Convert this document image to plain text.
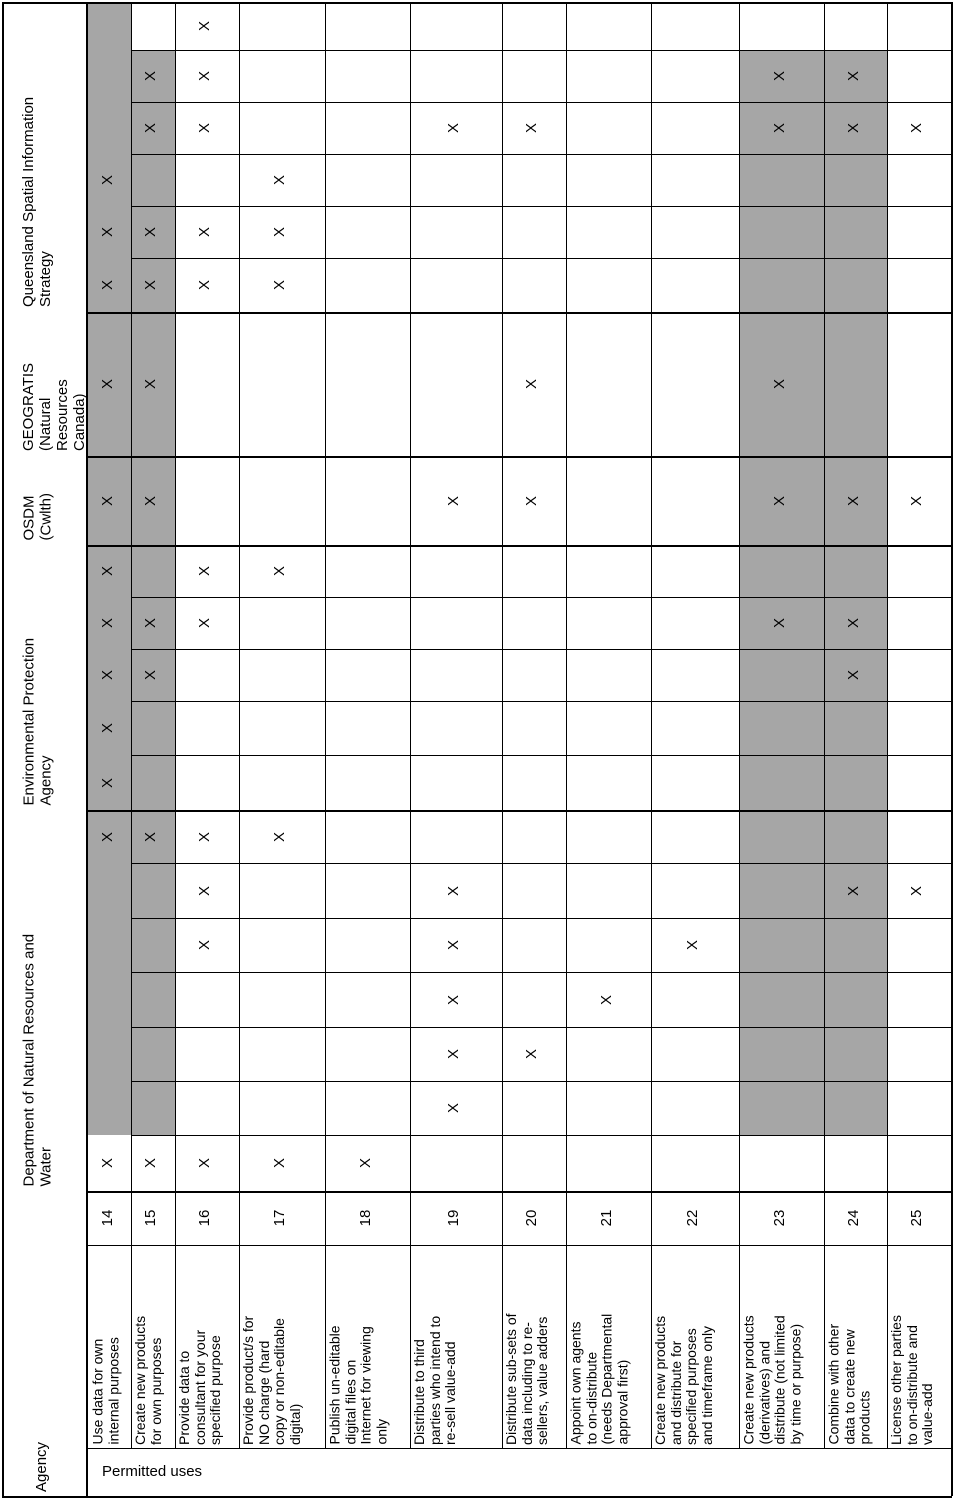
X
X
X
X
X
X
X
X
X
X
X
X
X
X
X
X
X
X
X
X
X
X
X
X
X
X
X
X
X
X
X
X
X
X
X
X
X
X
X
X
X
X
X
X
X
X
X
X
X
X
X
X
X
X
X
X
X
X
X
X
X
X
X
X
X
X
X
Agency	Permitted uses
Department of Natural Resources and
Water
Environmental Protection
Agency
OSDM
(Cwlth)
GEOGRATIS
(Natural
Resources
Canada)
Queensland Spatial Information
Strategy
14
Use data for own
internal purposes
15
Create new products
for own purposes
16
Provide data to
consultant for your
specified purpose
17
Provide product/s for
NO charge (hard
copy or non-editable
digital)
18
Publish un-editable
digital files on
Internet for viewing
only
19
Distribute to third
parties who intend to
re-sell value-add
20
Distribute sub-sets of
data including to re-
sellers, value adders
21
Appoint own agents
to on-distribute
(needs Departmental
approval first)
22
Create new products
and distribute for
specified purposes
and timeframe only
23
Create new products
(derivatives) and
distribute (not limited
by time or purpose)
24
Combine with other
data to create new
products
25
License other parties
to on-distribute and
value-add
